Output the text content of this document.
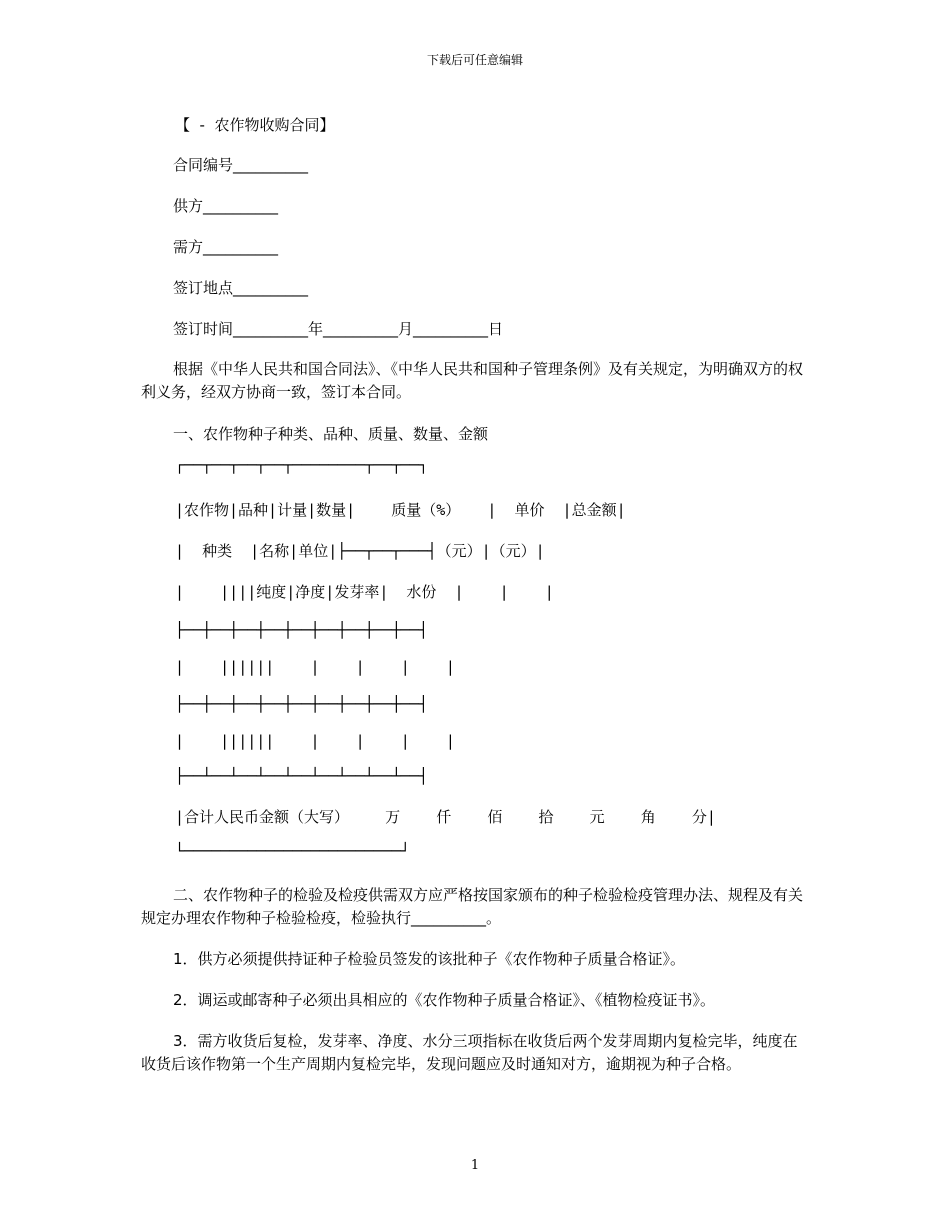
下载后可任意编辑
【  -  农作物收购合同】
合同编号__________
供方__________
需方__________
签订地点__________
签订时间__________年__________月__________日
根据《中华人民共和国合同法》、《中华人民共和国种子管理条例》及有关规定，为明确双方的权利义务，经双方协商一致，签订本合同。
一、农作物种子种类、品种、质量、数量、金额

┌──┬──┬──┬──┬────────┬──┬──┐

|农作物|品种|计量|数量|    质量（%）   |  单价  |总金额|

|  种类  |名称|单位|├──┬──┬───┤（元）|（元）|

|    ||||纯度|净度|发芽率|  水份  |    |    |

├──┼──┼──┼──┼──┼──┼──┼──┼──┤

|    ||||||    |    |    |    |

├──┼──┼──┼──┼──┼──┼──┼──┼──┤

|    ||||||    |    |    |    |

├──┴──┴──┴──┴──┴──┴──┴──┴──┤

|合计人民币金额（大写）    万    仟    佰    拾    元    角    分|

└────────────────────────┘

二、农作物种子的检验及检疫供需双方应严格按国家颁布的种子检验检疫管理办法、规程及有关规定办理农作物种子检验检疫，检验执行__________。
1．供方必须提供持证种子检验员签发的该批种子《农作物种子质量合格证》。
2．调运或邮寄种子必须出具相应的《农作物种子质量合格证》、《植物检疫证书》。
3．需方收货后复检，发芽率、净度、水分三项指标在收货后两个发芽周期内复检完毕，纯度在收货后该作物第一个生产周期内复检完毕，发现问题应及时通知对方，逾期视为种子合格。
1
